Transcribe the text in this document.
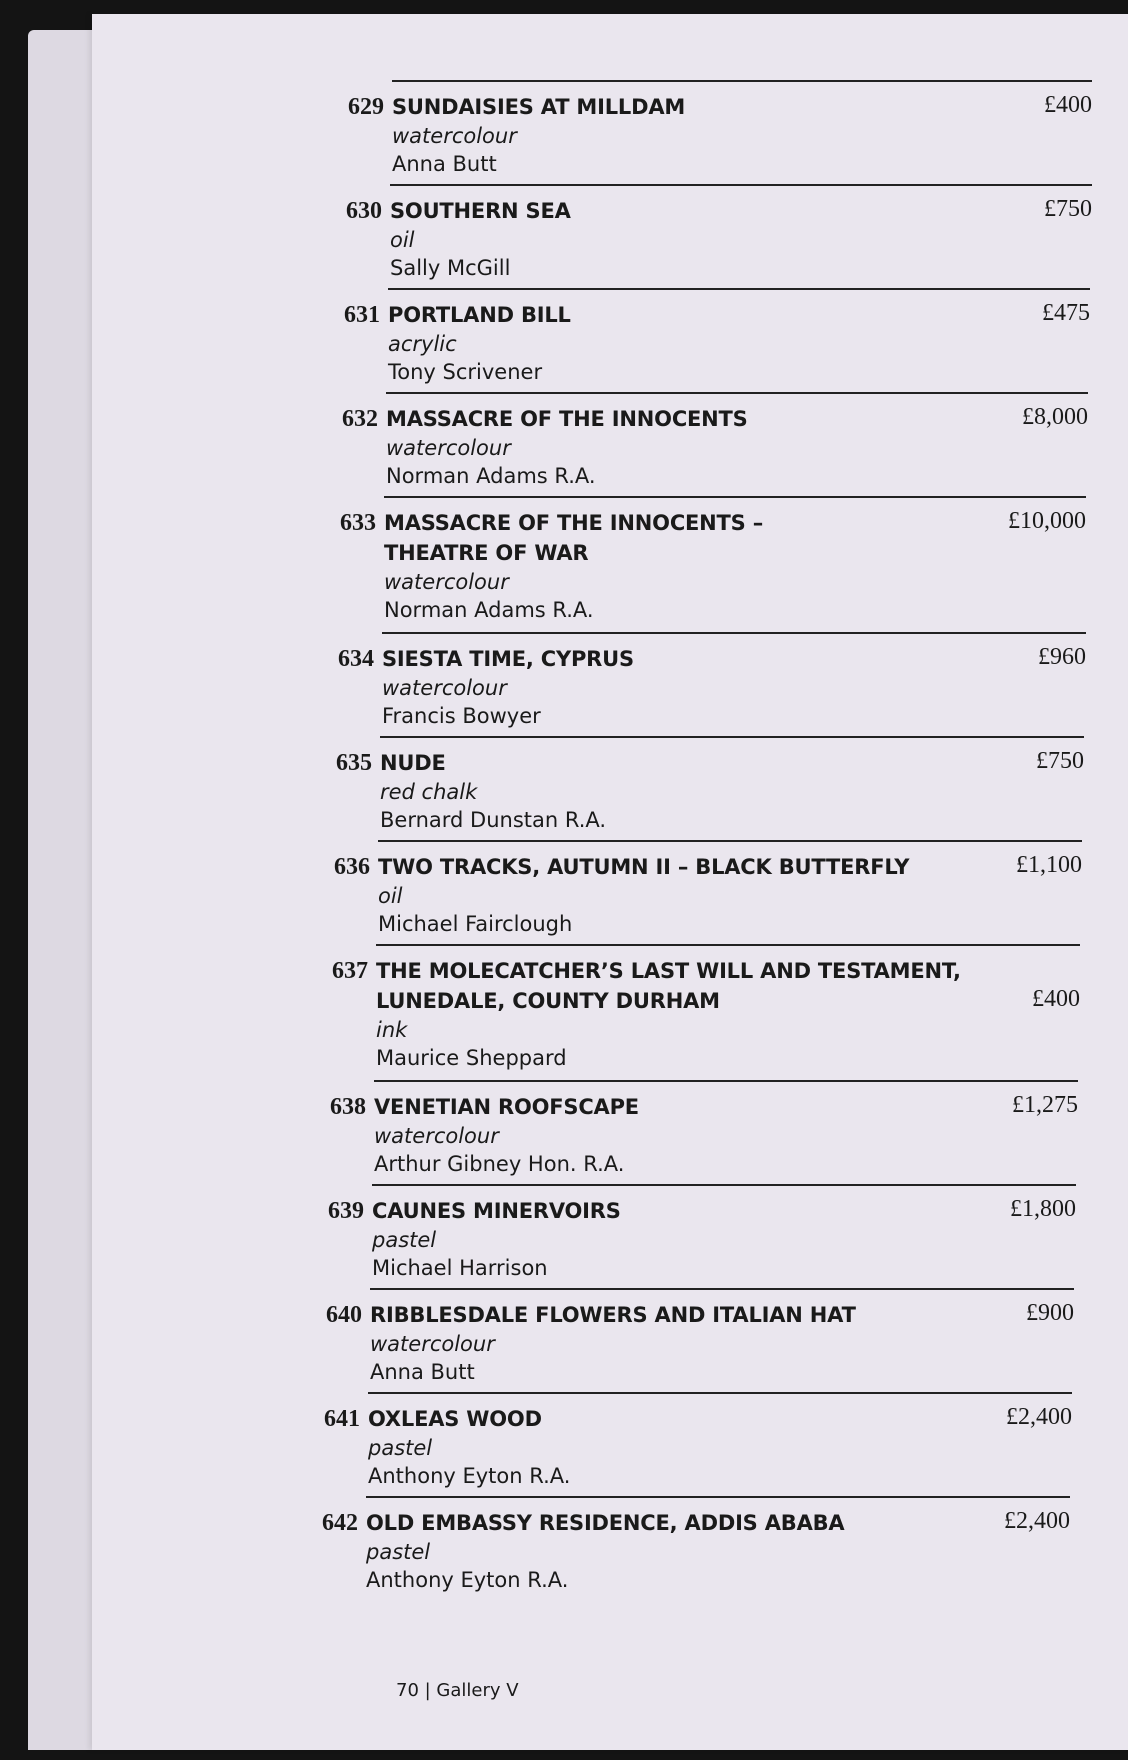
629 SUNDAISIES AT MILLDAM
watercolour
Anna Butt
£400
630 SOUTHERN SEA
oil
Sally McGill
£750
631 PORTLAND BILL
acrylic
Tony Scrivener
£475
632 MASSACRE OF THE INNOCENTS
watercolour
Norman Adams R.A.
£8,000
633 MASSACRE OF THE INNOCENTS –
THEATRE OF WAR
watercolour
Norman Adams R.A.
£10,000
634 SIESTA TIME, CYPRUS
watercolour
Francis Bowyer
£960
635 NUDE
red chalk
Bernard Dunstan R.A.
£750
636 TWO TRACKS, AUTUMN II – BLACK BUTTERFLY
oil
Michael Fairclough
£1,100
637 THE MOLECATCHER’S LAST WILL AND TESTAMENT,
LUNEDALE, COUNTY DURHAM
ink
Maurice Sheppard
£400
638 VENETIAN ROOFSCAPE
watercolour
Arthur Gibney Hon. R.A.
£1,275
639 CAUNES MINERVOIRS
pastel
Michael Harrison
£1,800
640 RIBBLESDALE FLOWERS AND ITALIAN HAT
watercolour
Anna Butt
£900
641 OXLEAS WOOD
pastel
Anthony Eyton R.A.
£2,400
642 OLD EMBASSY RESIDENCE, ADDIS ABABA
pastel
Anthony Eyton R.A.
£2,400
70 | Gallery V
